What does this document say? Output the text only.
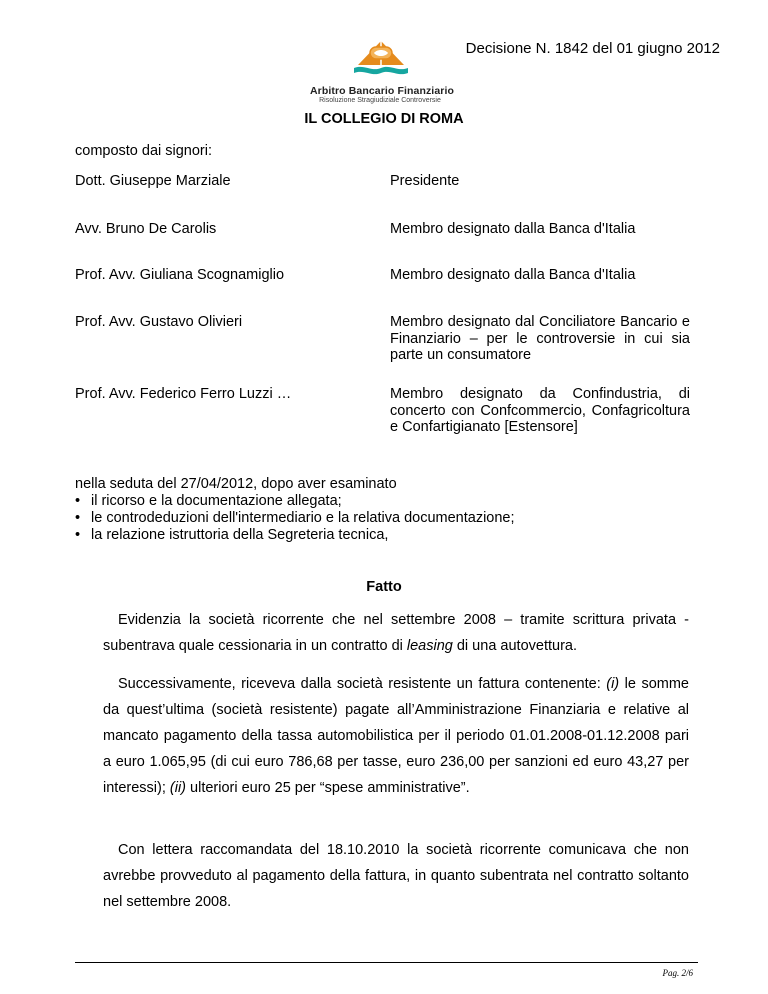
Decisione N. 1842 del 01 giugno 2012
Arbitro Bancario Finanziario
Risoluzione Stragiudiziale Controversie
IL COLLEGIO DI ROMA
composto dai signori:
Dott. Giuseppe Marziale	Presidente
Avv. Bruno De Carolis	Membro designato dalla Banca d'Italia
Prof. Avv. Giuliana Scognamiglio	Membro designato dalla Banca d'Italia
Prof. Avv. Gustavo Olivieri	Membro designato dal Conciliatore Bancario e Finanziario – per le controversie in cui sia parte un consumatore
Prof. Avv. Federico Ferro Luzzi …	Membro designato da Confindustria, di concerto con Confcommercio, Confagricoltura e Confartigianato [Estensore]
nella seduta del 27/04/2012, dopo aver esaminato
• il ricorso e la documentazione allegata;
• le controdeduzioni dell'intermediario e la relativa documentazione;
• la relazione istruttoria della Segreteria tecnica,
Fatto

Evidenzia la società ricorrente che nel settembre 2008 – tramite scrittura privata - subentrava quale cessionaria in un contratto di leasing di una autovettura.

Successivamente, riceveva dalla società resistente un fattura contenente: (i) le somme da quest’ultima (società resistente) pagate all’Amministrazione Finanziaria e relative al mancato pagamento della tassa automobilistica per il periodo 01.01.2008-01.12.2008 pari a euro 1.065,95 (di cui euro 786,68 per tasse, euro 236,00 per sanzioni ed euro 43,27 per interessi); (ii) ulteriori euro 25 per “spese amministrative”.

Con lettera raccomandata del 18.10.2010 la società ricorrente comunicava che non avrebbe provveduto al pagamento della fattura, in quanto subentrata nel contratto soltanto nel settembre 2008.

Pag. 2/6
